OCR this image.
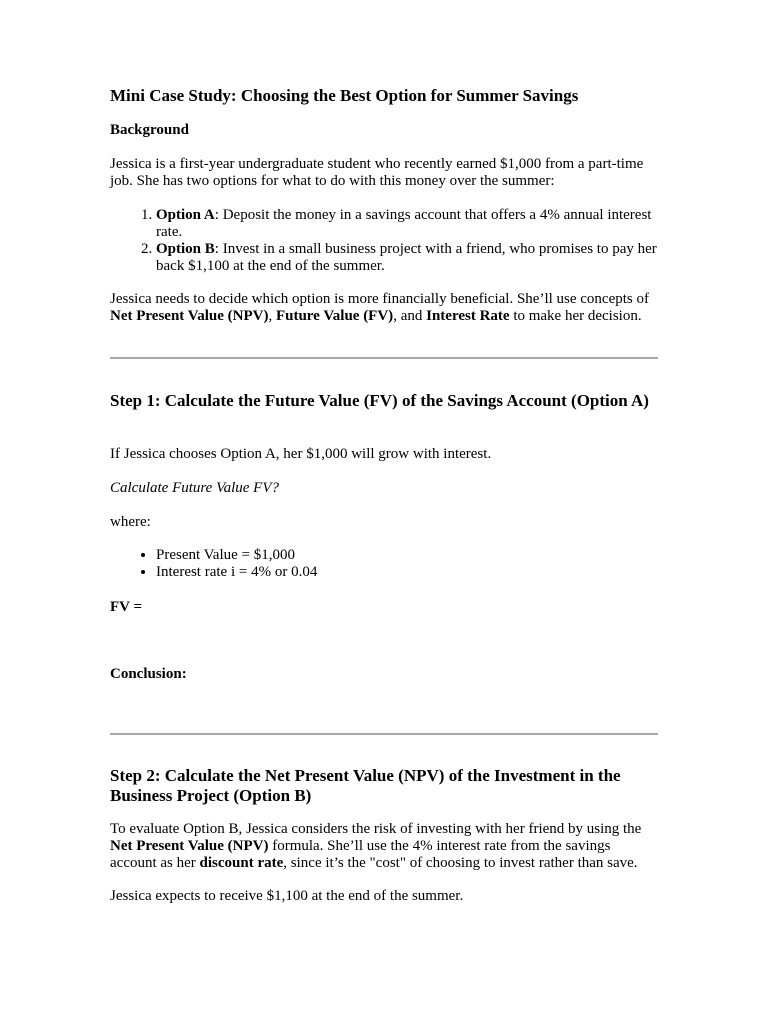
Mini Case Study: Choosing the Best Option for Summer Savings

Background

Jessica is a first-year undergraduate student who recently earned $1,000 from a part-time job. She has two options for what to do with this money over the summer:

1. Option A: Deposit the money in a savings account that offers a 4% annual interest rate.
2. Option B: Invest in a small business project with a friend, who promises to pay her back $1,100 at the end of the summer.

Jessica needs to decide which option is more financially beneficial. She’ll use concepts of Net Present Value (NPV), Future Value (FV), and Interest Rate to make her decision.

Step 1: Calculate the Future Value (FV) of the Savings Account (Option A)

If Jessica chooses Option A, her $1,000 will grow with interest.

Calculate Future Value FV?

where:

• Present Value = $1,000
• Interest rate i = 4% or 0.04

FV =

Conclusion:

Step 2: Calculate the Net Present Value (NPV) of the Investment in the Business Project (Option B)

To evaluate Option B, Jessica considers the risk of investing with her friend by using the Net Present Value (NPV) formula. She’ll use the 4% interest rate from the savings account as her discount rate, since it’s the "cost" of choosing to invest rather than save.

Jessica expects to receive $1,100 at the end of the summer.
